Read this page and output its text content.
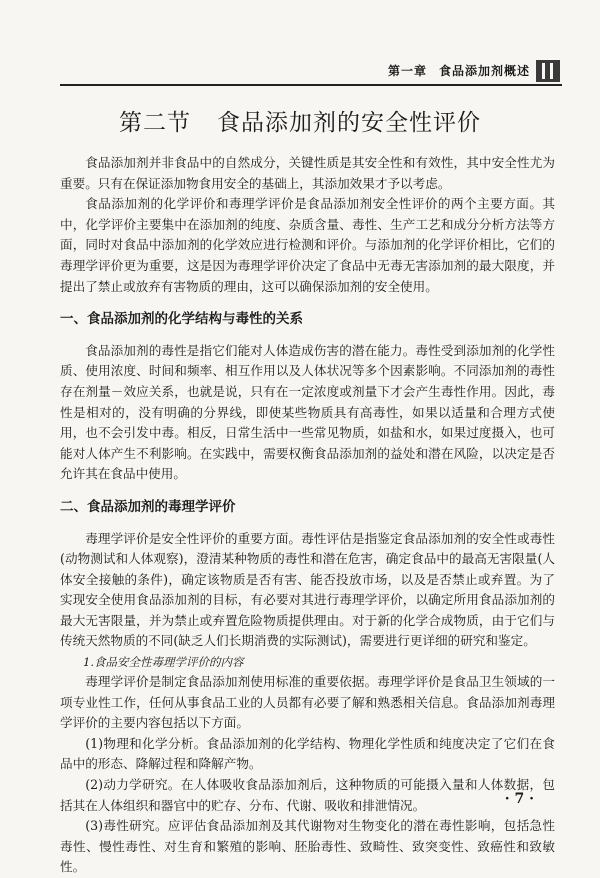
第一章 食品添加剂概述
第二节 食品添加剂的安全性评价

食品添加剂并非食品中的自然成分，关键性质是其安全性和有效性，其中安全性尤为重要。只有在保证添加物食用安全的基础上，其添加效果才予以考虑。

食品添加剂的化学评价和毒理学评价是食品添加剂安全性评价的两个主要方面。其中，化学评价主要集中在添加剂的纯度、杂质含量、毒性、生产工艺和成分分析方法等方面，同时对食品中添加剂的化学效应进行检测和评价。与添加剂的化学评价相比，它们的毒理学评价更为重要，这是因为毒理学评价决定了食品中无毒无害添加剂的最大限度，并提出了禁止或放弃有害物质的理由，这可以确保添加剂的安全使用。

一、食品添加剂的化学结构与毒性的关系

食品添加剂的毒性是指它们能对人体造成伤害的潜在能力。毒性受到添加剂的化学性质、使用浓度、时间和频率、相互作用以及人体状况等多个因素影响。不同添加剂的毒性存在剂量－效应关系，也就是说，只有在一定浓度或剂量下才会产生毒性作用。因此，毒性是相对的，没有明确的分界线，即使某些物质具有高毒性，如果以适量和合理方式使用，也不会引发中毒。相反，日常生活中一些常见物质，如盐和水，如果过度摄入，也可能对人体产生不利影响。在实践中，需要权衡食品添加剂的益处和潜在风险，以决定是否允许其在食品中使用。

二、食品添加剂的毒理学评价

毒理学评价是安全性评价的重要方面。毒性评估是指鉴定食品添加剂的安全性或毒性(动物测试和人体观察)，澄清某种物质的毒性和潜在危害，确定食品中的最高无害限量(人体安全接触的条件)，确定该物质是否有害、能否投放市场，以及是否禁止或弃置。为了实现安全使用食品添加剂的目标，有必要对其进行毒理学评价，以确定所用食品添加剂的最大无害限量，并为禁止或弃置危险物质提供理由。对于新的化学合成物质，由于它们与传统天然物质的不同(缺乏人们长期消费的实际测试)，需要进行更详细的研究和鉴定。

1.食品安全性毒理学评价的内容

毒理学评价是制定食品添加剂使用标准的重要依据。毒理学评价是食品卫生领域的一项专业性工作，任何从事食品工业的人员都有必要了解和熟悉相关信息。食品添加剂毒理学评价的主要内容包括以下方面。

(1)物理和化学分析。食品添加剂的化学结构、物理化学性质和纯度决定了它们在食品中的形态、降解过程和降解产物。

(2)动力学研究。在人体吸收食品添加剂后，这种物质的可能摄入量和人体数据，包括其在人体组织和器官中的贮存、分布、代谢、吸收和排泄情况。

(3)毒性研究。应评估食品添加剂及其代谢物对生物变化的潜在毒性影响，包括急性毒性、慢性毒性、对生育和繁殖的影响、胚胎毒性、致畸性、致突变性、致癌性和致敏性。

· 7 ·
